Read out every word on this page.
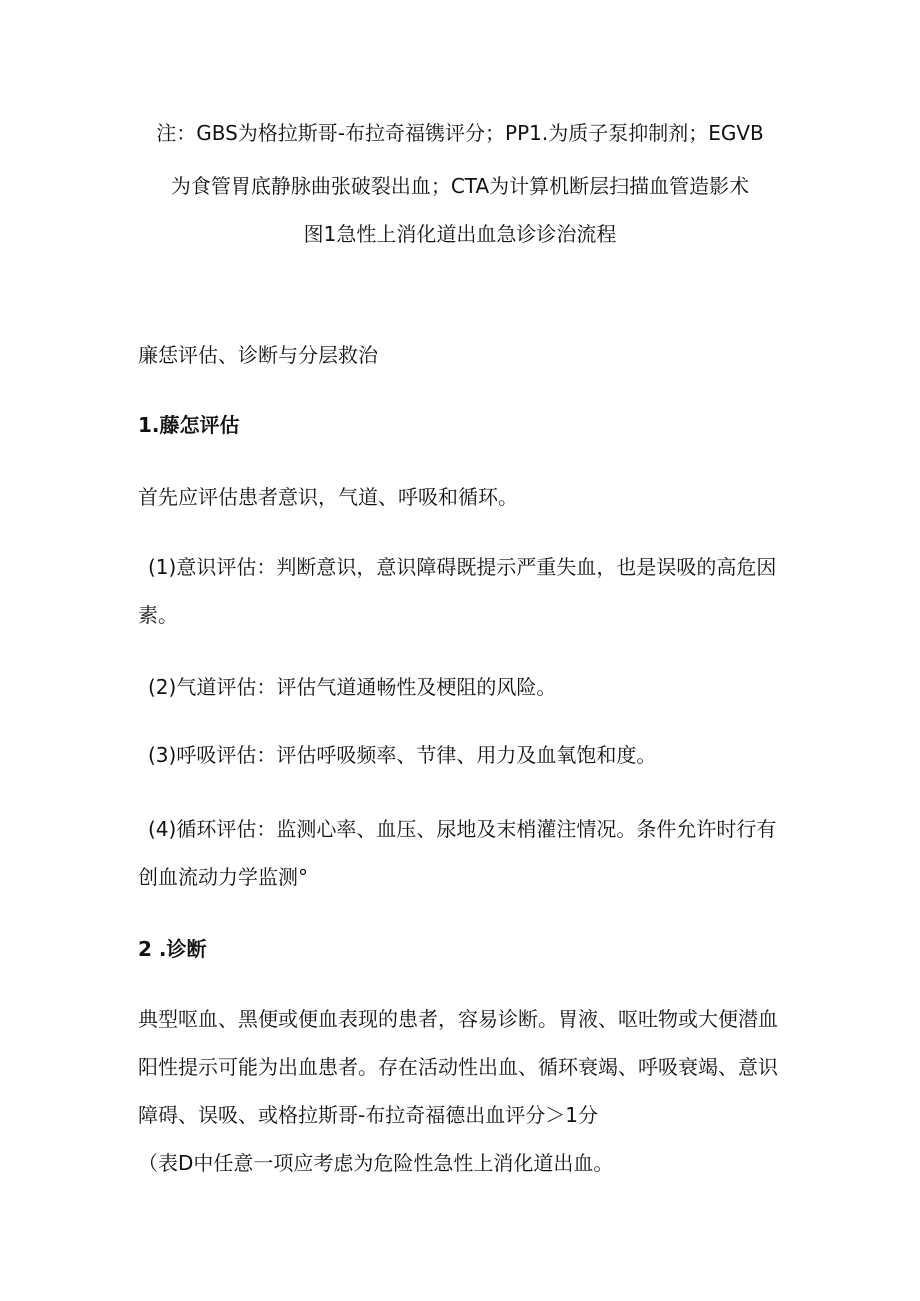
注：GBS为格拉斯哥-布拉奇福镌评分；PP1.为质子泵抑制剂；EGVB
为食管胃底静脉曲张破裂出血；CTA为计算机断层扫描血管造影术
图1急性上消化道出血急诊诊治流程
廉恁评估、诊断与分层救治
1.藤怎评估
首先应评估患者意识，气道、呼吸和循环。
(1)意识评估：判断意识，意识障碍既提示严重失血，也是误吸的高危因
素。
(2)气道评估：评估气道通畅性及梗阻的风险。
(3)呼吸评估：评估呼吸频率、节律、用力及血氧饱和度。
(4)循环评估：监测心率、血压、尿地及末梢灌注情况。条件允许时行有
创血流动力学监测°
2 .诊断
典型呕血、黑便或便血表现的患者，容易诊断。胃液、呕吐物或大便潜血
阳性提示可能为出血患者。存在活动性出血、循环衰竭、呼吸衰竭、意识
障碍、误吸、或格拉斯哥-布拉奇福德出血评分＞1分
（表D中任意一项应考虑为危险性急性上消化道出血。
